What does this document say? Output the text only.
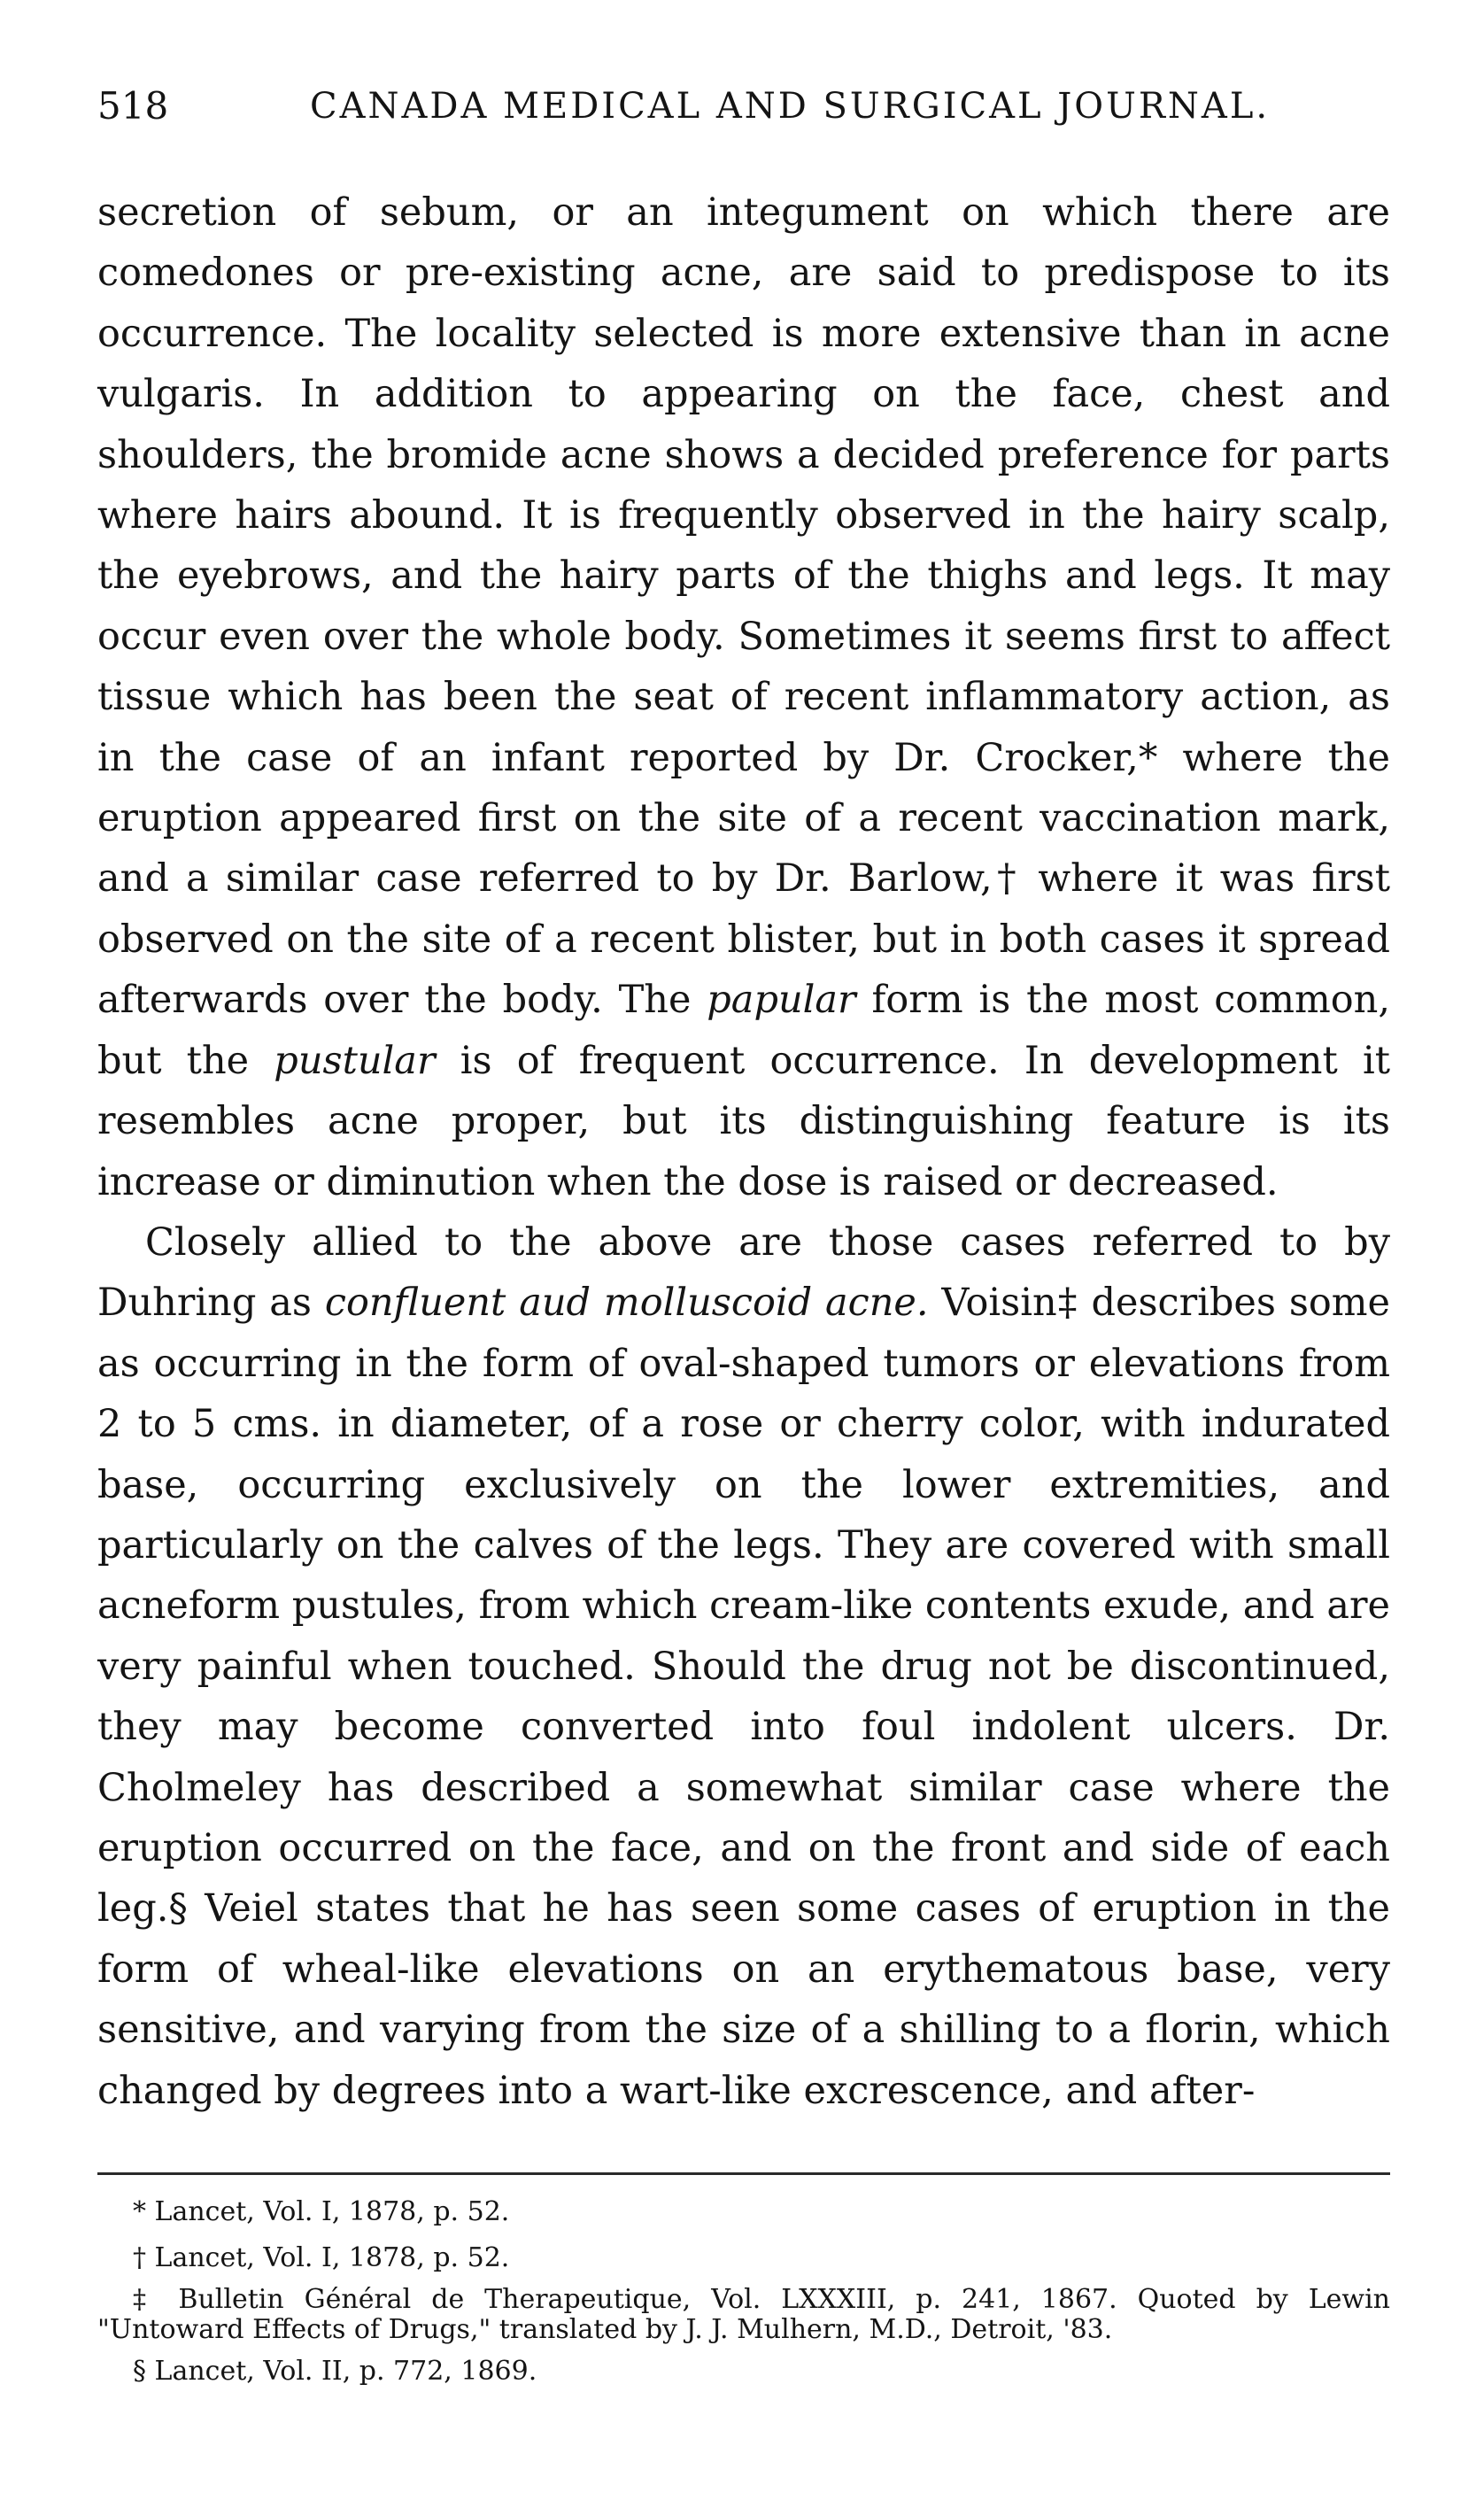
518	CANADA MEDICAL AND SURGICAL JOURNAL.

secretion of sebum, or an integument on which there are comedones or pre-existing acne, are said to predispose to its occurrence. The locality selected is more extensive than in acne vulgaris. In addition to appearing on the face, chest and shoulders, the bromide acne shows a decided preference for parts where hairs abound. It is frequently observed in the hairy scalp, the eyebrows, and the hairy parts of the thighs and legs. It may occur even over the whole body. Sometimes it seems first to affect tissue which has been the seat of recent inflammatory action, as in the case of an infant reported by Dr. Crocker,* where the eruption appeared first on the site of a recent vaccination mark, and a similar case referred to by Dr. Barlow,† where it was first observed on the site of a recent blister, but in both cases it spread afterwards over the body. The papular form is the most common, but the pustular is of frequent occurrence. In development it resembles acne proper, but its distinguishing feature is its increase or diminution when the dose is raised or decreased.

Closely allied to the above are those cases referred to by Duhring as confluent aud molluscoid acne. Voisin‡ describes some as occurring in the form of oval-shaped tumors or elevations from 2 to 5 cms. in diameter, of a rose or cherry color, with indurated base, occurring exclusively on the lower extremities, and particularly on the calves of the legs. They are covered with small acneform pustules, from which cream-like contents exude, and are very painful when touched. Should the drug not be discontinued, they may become converted into foul indolent ulcers. Dr. Cholmeley has described a somewhat similar case where the eruption occurred on the face, and on the front and side of each leg.§ Veiel states that he has seen some cases of eruption in the form of wheal-like elevations on an erythematous base, very sensitive, and varying from the size of a shilling to a florin, which changed by degrees into a wart-like excrescence, and after-

* Lancet, Vol. I, 1878, p. 52.

† Lancet, Vol. I, 1878, p. 52.

‡ Bulletin Général de Therapeutique, Vol. LXXXIII, p. 241, 1867. Quoted by Lewin "Untoward Effects of Drugs," translated by J. J. Mulhern, M.D., Detroit, '83.

§ Lancet, Vol. II, p. 772, 1869.
